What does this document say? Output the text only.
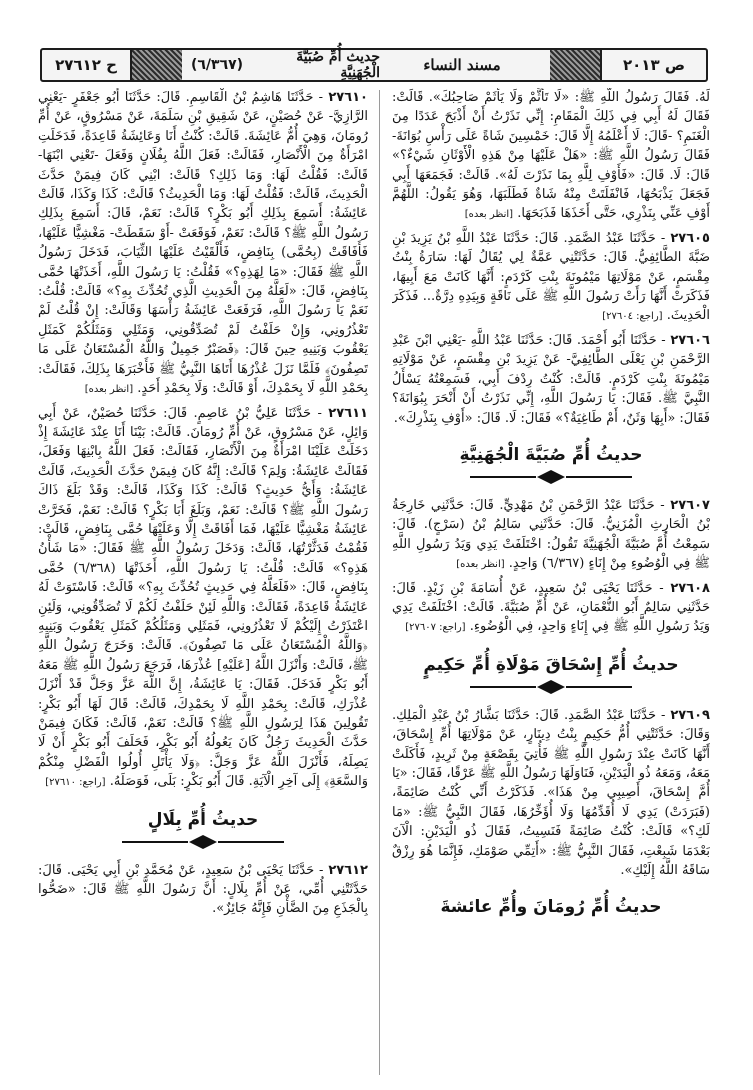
ح ٢٧٦١٢	(٦/٣٦٧)	حديث أُمِّ صُبَيَّةَ الْجُهَنِيَّةِ	مسند النساء	ص ٢٠١٣

لَهُ. فَقَالَ رَسُولُ اللَّهِ ﷺ: «لَا تَأَثَّمْ وَلَا يَأْثَمْ صَاحِبُكَ». قَالَتْ: فَقَالَ لَهُ أَبِي فِي ذَلِكَ الْمَقَامِ: إِنِّي نَذَرْتُ أَنْ أَذْبَحَ عَدَدًا مِنَ الْغَنَمِ؟ -قَالَ: لَا أَعْلَمُهُ إِلَّا قَالَ: خَمْسِينَ شَاةً عَلَى رَأْسِ بُوَانَةَ- فَقَالَ رَسُولُ اللَّهِ ﷺ: «هَلْ عَلَيْهَا مِنْ هَذِهِ الْأَوْثَانِ شَيْءٌ؟» قَالَ: لَا. قَالَ: «فَأَوْفِ لِلَّهِ بِمَا نَذَرْتَ لَهُ». قَالَتْ: فَجَمَعَهَا أَبِي فَجَعَلَ يَذْبَحُهَا، فَانْفَلَتَتْ مِنْهُ شَاةٌ فَطَلَبَهَا، وَهُوَ يَقُولُ: اللَّهُمَّ أَوْفِ عَنِّي بِنَذْرِي، حَتَّى أَخَذَهَا فَذَبَحَهَا. [انظر بعده]

٢٧٦٠٥ - حَدَّثَنَا عَبْدُ الصَّمَدِ. قَالَ: حَدَّثَنَا عَبْدُ اللَّهِ بْنُ يَزِيدَ بْنِ ضَبَّةَ الطَّائِفِيُّ. قَالَ: حَدَّثَتْنِي عَمَّةٌ لِي يُقَالُ لَهَا: سَارَةُ بِنْتُ مِقْسَمٍ، عَنْ مَوْلَاتِهَا مَيْمُونَةَ بِنْتِ كَرْدَمٍ: أَنَّهَا كَانَتْ مَعَ أَبِيهَا، فَذَكَرَتْ أَنَّهَا رَأَتْ رَسُولَ اللَّهِ ﷺ عَلَى نَاقَةٍ وَبِيَدِهِ دِرَّةٌ... فَذَكَرَ الْحَدِيثَ. [راجع: ٢٧٦٠٤]

٢٧٦٠٦ - حَدَّثَنَا أَبُو أَحْمَدَ. قَالَ: حَدَّثَنَا عَبْدُ اللَّهِ -يَعْنِي ابْنَ عَبْدِ الرَّحْمَنِ بْنِ يَعْلَى الطَّائِفِيَّ- عَنْ يَزِيدَ بْنِ مِقْسَمٍ، عَنْ مَوْلَاتِهِ مَيْمُونَةَ بِنْتِ كَرْدَمٍ. قَالَتْ: كُنْتُ رِدْفَ أَبِي، فَسَمِعْتُهُ يَسْأَلُ النَّبِيَّ ﷺ. فَقَالَ: يَا رَسُولَ اللَّهِ، إِنِّي نَذَرْتُ أَنْ أَنْحَرَ بِبُوَانَةَ؟ فَقَالَ: «أَبِهَا وَثَنٌ، أَمْ طَاغِيَةٌ؟» فَقَالَ: لَا. قَالَ: «أَوْفِ بِنَذْرِكَ».

حديثُ أُمِّ صُبَيَّةَ الْجُهَنِيَّةِ

٢٧٦٠٧ - حَدَّثَنَا عَبْدُ الرَّحْمَنِ بْنُ مَهْدِيٍّ. قَالَ: حَدَّثَنِي خَارِجَةُ بْنُ الْحَارِثِ الْمُزَنِيُّ. قَالَ: حَدَّثَنِي سَالِمُ بْنُ (سَرْجٍ). قَالَ: سَمِعْتُ أُمَّ صُبَيَّةَ الْجُهَنِيَّةَ تَقُولُ: اخْتَلَفَتْ يَدِي وَيَدُ رَسُولِ اللَّهِ ﷺ فِي الْوُضُوءِ مِنْ إِنَاءٍ (٦/٣٦٧) وَاحِدٍ. [انظر بعده]

٢٧٦٠٨ - حَدَّثَنَا يَحْيَى بْنُ سَعِيدٍ، عَنْ أُسَامَةَ بْنِ زَيْدٍ. قَالَ: حَدَّثَنِي سَالِمٌ أَبُو النُّعْمَانِ، عَنْ أُمِّ صُبَيَّةَ. قَالَتْ: اخْتَلَفَتْ يَدِي وَيَدُ رَسُولِ اللَّهِ ﷺ فِي إِنَاءٍ وَاحِدٍ، فِي الْوُضُوءِ. [راجع: ٢٧٦٠٧]

حديثُ أُمِّ إِسْحَاقَ مَوْلَاةِ أُمِّ حَكِيمٍ

٢٧٦٠٩ - حَدَّثَنَا عَبْدُ الصَّمَدِ. قَالَ: حَدَّثَنَا بَشَّارُ بْنُ عَبْدِ الْمَلِكِ. وَقَالَ: حَدَّثَتْنِي أُمُّ حَكِيمٍ بِنْتُ دِينَارٍ، عَنْ مَوْلَاتِهَا أُمِّ إِسْحَاقَ، أَنَّهَا كَانَتْ عِنْدَ رَسُولِ اللَّهِ ﷺ فَأُتِيَ بِقَصْعَةٍ مِنْ ثَرِيدٍ، فَأَكَلَتْ مَعَهُ، وَمَعَهُ ذُو الْيَدَيْنِ، فَنَاوَلَهَا رَسُولُ اللَّهِ ﷺ عَرْقًا، فَقَالَ: «يَا أُمَّ إِسْحَاقَ، أَصِيبِي مِنْ هَذَا». فَذَكَرْتُ أَنِّي كُنْتُ صَائِمَةً، (فَبَرَدَتْ) يَدِي لَا أُقَدِّمُهَا وَلَا أُؤَخِّرُهَا، فَقَالَ النَّبِيُّ ﷺ: «مَا لَكِ؟» قَالَتْ: كُنْتُ صَائِمَةً فَنَسِيتُ، فَقَالَ ذُو الْيَدَيْنِ: الْآنَ بَعْدَمَا شَبِعْتِ، فَقَالَ النَّبِيُّ ﷺ: «أَتِمِّي صَوْمَكِ، فَإِنَّمَا هُوَ رِزْقٌ سَاقَهُ اللَّهُ إِلَيْكِ».

حديثُ أُمِّ رُومَانَ وأُمِّ عائشةَ

٢٧٦١٠ - حَدَّثَنَا هَاشِمُ بْنُ الْقَاسِمِ. قَالَ: حَدَّثَنَا أَبُو جَعْفَرٍ -يَعْنِي الرَّازِيَّ- عَنْ حُصَيْنٍ، عَنْ شَقِيقِ بْنِ سَلَمَةَ، عَنْ مَسْرُوقٍ، عَنْ أُمِّ رُومَانَ، وَهِيَ أُمُّ عَائِشَةَ. قَالَتْ: كُنْتُ أَنَا وَعَائِشَةُ قَاعِدَةً، فَدَخَلَتِ امْرَأَةٌ مِنَ الْأَنْصَارِ، فَقَالَتْ: فَعَلَ اللَّهُ بِفُلَانٍ وَفَعَلَ -تَعْنِي ابْنَهَا- قَالَتْ: فَقُلْتُ لَهَا: وَمَا ذَلِكِ؟ قَالَتْ: ابْنِي كَانَ فِيمَنْ حَدَّثَ الْحَدِيثَ، قَالَتْ: فَقُلْتُ لَهَا: وَمَا الْحَدِيثُ؟ قَالَتْ: كَذَا وَكَذَا، قَالَتْ عَائِشَةُ: أَسَمِعَ بِذَلِكِ أَبُو بَكْرٍ؟ قَالَتْ: نَعَمْ، قَالَ: أَسَمِعَ بِذَلِكِ رَسُولُ اللَّهِ ﷺ؟ قَالَتْ: نَعَمْ، فَوَقَعَتْ -أَوْ سَقَطَتْ- مَغْشِيًّا عَلَيْهَا، فَأَفَاقَتْ (بِحُمَّى) بِنَافِضٍ، فَأَلْقَيْتُ عَلَيْهَا الثِّيَابَ، فَدَخَلَ رَسُولُ اللَّهِ ﷺ فَقَالَ: «مَا لِهَذِهِ؟» فَقُلْتُ: يَا رَسُولَ اللَّهِ، أَخَذَتْهَا حُمَّى بِنَافِضٍ، قَالَ: «لَعَلَّهُ مِنَ الْحَدِيثِ الَّذِي تُحُدِّثَ بِهِ؟» قَالَتْ: قُلْتُ: نَعَمْ يَا رَسُولَ اللَّهِ، فَرَفَعَتْ عَائِشَةُ رَأْسَهَا وَقَالَتْ: إِنْ قُلْتُ لَمْ تَعْذُرُونِي، وَإِنْ حَلَفْتُ لَمْ تُصَدِّقُونِي، وَمَثَلِي وَمَثَلُكُمْ كَمَثَلِ يَعْقُوبَ وَبَنِيهِ حِينَ قَالَ: ﴿فَصَبْرٌ جَمِيلٌ وَاللَّهُ الْمُسْتَعَانُ عَلَى مَا تَصِفُونَ﴾ فَلَمَّا نَزَلَ عُذْرُهَا أَتَاهَا النَّبِيُّ ﷺ فَأَخْبَرَهَا بِذَلِكَ، فَقَالَتْ: بِحَمْدِ اللَّهِ لَا بِحَمْدِكَ، أَوْ قَالَتْ: وَلَا بِحَمْدِ أَحَدٍ. [انظر بعده]

٢٧٦١١ - حَدَّثَنَا عَلِيُّ بْنُ عَاصِمٍ. قَالَ: حَدَّثَنَا حُصَيْنٌ، عَنْ أَبِي وَائِلٍ، عَنْ مَسْرُوقٍ، عَنْ أُمِّ رُومَانَ. قَالَتْ: بَيْنَا أَنَا عِنْدَ عَائِشَةَ إِذْ دَخَلَتْ عَلَيْنَا امْرَأَةٌ مِنَ الْأَنْصَارِ، فَقَالَتْ: فَعَلَ اللَّهُ بِابْنِهَا وَفَعَلَ، فَقَالَتْ عَائِشَةُ: وَلِمَ؟ قَالَتْ: إِنَّهُ كَانَ فِيمَنْ حَدَّثَ الْحَدِيثَ، قَالَتْ عَائِشَةُ: وَأَيُّ حَدِيثٍ؟ قَالَتْ: كَذَا وَكَذَا، قَالَتْ: وَقَدْ بَلَغَ ذَاكَ رَسُولَ اللَّهِ ﷺ؟ قَالَتْ: نَعَمْ، وَبَلَغَ أَبَا بَكْرٍ؟ قَالَتْ: نَعَمْ، فَخَرَّتْ عَائِشَةُ مَغْشِيًّا عَلَيْهَا، فَمَا أَفَاقَتْ إِلَّا وَعَلَيْهَا حُمَّى بِنَافِضٍ، قَالَتْ: فَقُمْتُ فَدَثَّرْتُهَا، قَالَتْ: وَدَخَلَ رَسُولُ اللَّهِ ﷺ فَقَالَ: «مَا شَأْنُ هَذِهِ؟» قَالَتْ: قُلْتُ: يَا رَسُولَ اللَّهِ، أَخَذَتْهَا (٦/٣٦٨) حُمَّى بِنَافِضٍ، قَالَ: «فَلَعَلَّهُ فِي حَدِيثٍ تُحُدِّثَ بِهِ؟» قَالَتْ: فَاسْتَوَتْ لَهُ عَائِشَةُ قَاعِدَةً، فَقَالَتْ: وَاللَّهِ لَئِنْ حَلَفْتُ لَكُمْ لَا تُصَدِّقُونِي، وَلَئِنِ اعْتَذَرْتُ إِلَيْكُمْ لَا تَعْذُرُونِي، فَمَثَلِي وَمَثَلُكُمْ كَمَثَلِ يَعْقُوبَ وَبَنِيهِ ﴿وَاللَّهُ الْمُسْتَعَانُ عَلَى مَا تَصِفُونَ﴾. قَالَتْ: وَخَرَجَ رَسُولُ اللَّهِ ﷺ، قَالَتْ: وَأَنْزَلَ اللَّهُ [عَلَيْهِ] عُذْرَهَا، فَرَجَعَ رَسُولُ اللَّهِ ﷺ مَعَهُ أَبُو بَكْرٍ فَدَخَلَ. فَقَالَ: يَا عَائِشَةُ، إِنَّ اللَّهَ عَزَّ وَجَلَّ قَدْ أَنْزَلَ عُذْرَكِ، قَالَتْ: بِحَمْدِ اللَّهِ لَا بِحَمْدِكَ، قَالَتْ: قَالَ لَهَا أَبُو بَكْرٍ: تَقُولِينَ هَذَا لِرَسُولِ اللَّهِ ﷺ؟ قَالَتْ: نَعَمْ، قَالَتْ: فَكَانَ فِيمَنْ حَدَّثَ الْحَدِيثَ رَجُلٌ كَانَ يَعُولُهُ أَبُو بَكْرٍ، فَحَلَفَ أَبُو بَكْرٍ أَنْ لَا يَصِلَهُ، فَأَنْزَلَ اللَّهُ عَزَّ وَجَلَّ: ﴿وَلَا يَأْتَلِ أُولُوا الْفَضْلِ مِنْكُمْ وَالسَّعَةِ﴾ إِلَى آخِرِ الْآيَةِ. قَالَ أَبُو بَكْرٍ: بَلَى، فَوَصَلَهُ. [راجع: ٢٧٦١٠]

حديثُ أُمِّ بِلَالٍ

٢٧٦١٢ - حَدَّثَنَا يَحْيَى بْنُ سَعِيدٍ، عَنْ مُحَمَّدِ بْنِ أَبِي يَحْيَى. قَالَ: حَدَّثَتْنِي أُمِّي، عَنْ أُمِّ بِلَالٍ: أَنَّ رَسُولَ اللَّهِ ﷺ قَالَ: «ضَحُّوا بِالْجَذَعِ مِنَ الضَّأْنِ فَإِنَّهُ جَائِزٌ».
